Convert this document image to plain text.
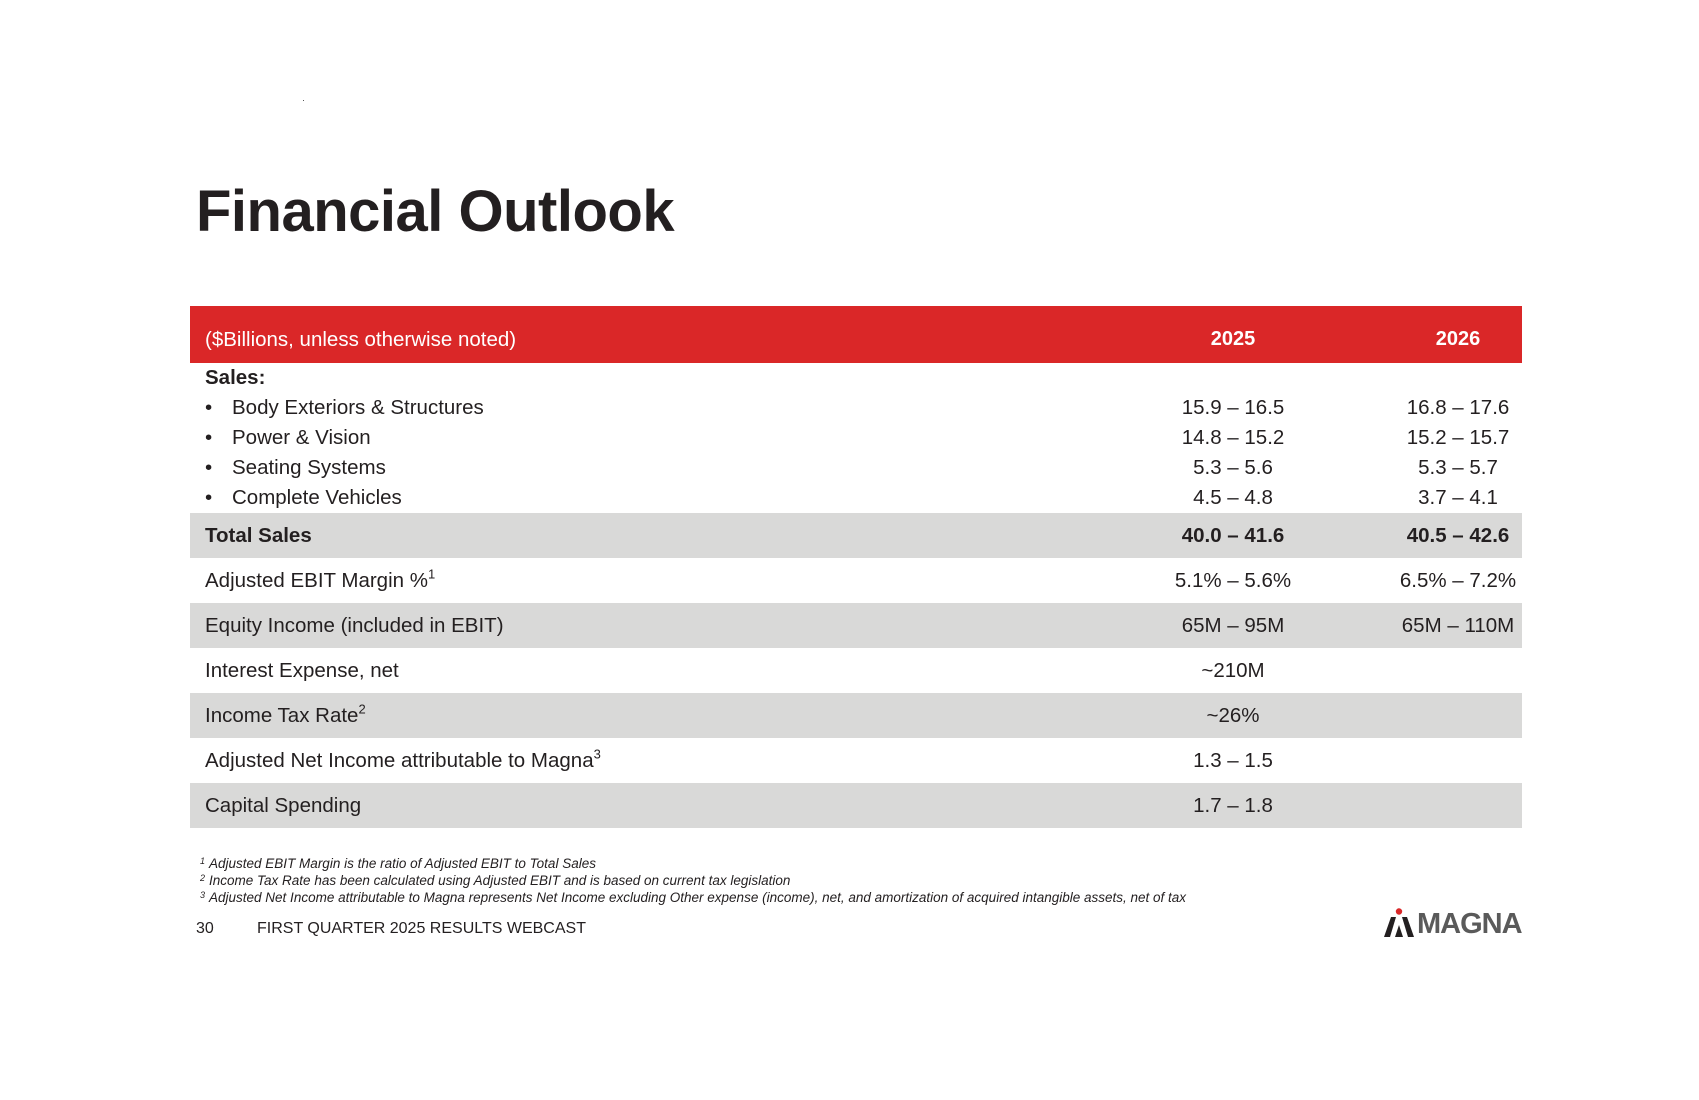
Financial Outlook
($Billions, unless otherwise noted)	2025	2026
Sales:		
• Body Exteriors & Structures	15.9 – 16.5	16.8 – 17.6
• Power & Vision	14.8 – 15.2	15.2 – 15.7
• Seating Systems	5.3 – 5.6	5.3 – 5.7
• Complete Vehicles	4.5 – 4.8	3.7 – 4.1
Total Sales	40.0 – 41.6	40.5 – 42.6
Adjusted EBIT Margin %$^1$	5.1% – 5.6%	6.5% – 7.2%
Equity Income (included in EBIT)	65M – 95M	65M – 110M
Interest Expense, net	~210M	
Income Tax Rate$^2$	~26%	
Adjusted Net Income attributable to Magna$^3$	1.3 – 1.5	
Capital Spending	1.7 – 1.8	
$^1$ Adjusted EBIT Margin is the ratio of Adjusted EBIT to Total Sales
$^2$ Income Tax Rate has been calculated using Adjusted EBIT and is based on current tax legislation
$^3$ Adjusted Net Income attributable to Magna represents Net Income excluding Other expense (income), net, and amortization of acquired intangible assets, net of tax
30	FIRST QUARTER 2025 RESULTS WEBCAST	MAGNA
